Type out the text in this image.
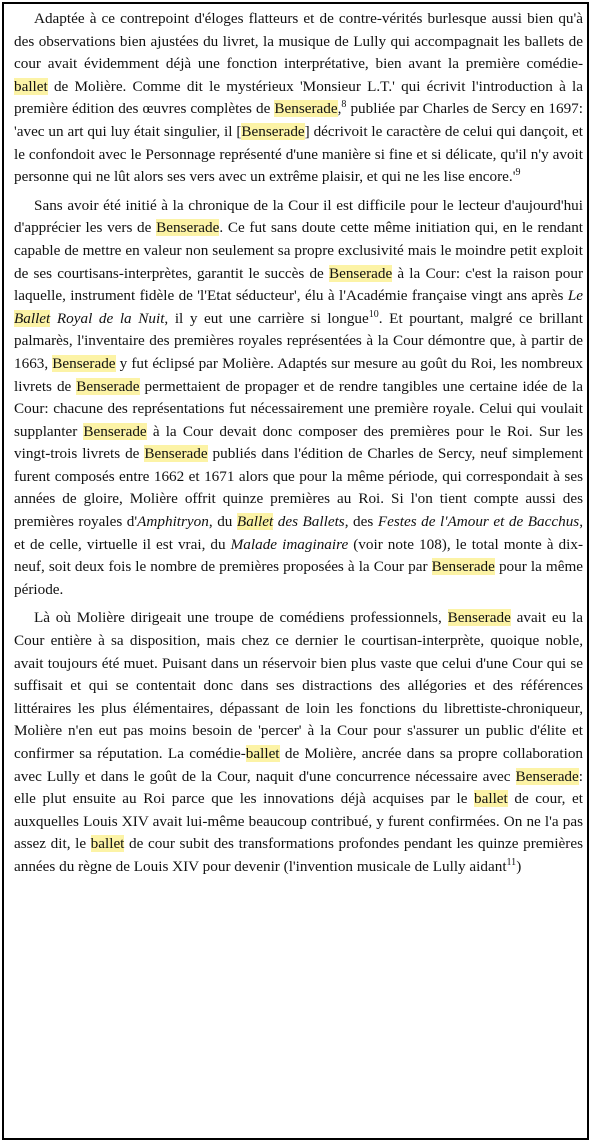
Adaptée à ce contrepoint d'éloges flatteurs et de contre-vérités burlesque aussi bien qu'à des observations bien ajustées du livret, la musique de Lully qui accompagnait les ballets de cour avait évidemment déjà une fonction interprétative, bien avant la première comédie-ballet de Molière. Comme dit le mystérieux 'Monsieur L.T.' qui écrivit l'introduction à la première édition des œuvres complètes de Benserade,$^8$ publiée par Charles de Sercy en 1697: 'avec un art qui luy était singulier, il [Benserade] décrivoit le caractère de celui qui dançoit, et le confondoit avec le Personnage représenté d'une manière si fine et si délicate, qu'il n'y avoit personne qui ne lût alors ses vers avec un extrême plaisir, et qui ne les lise $encore.'^9$

Sans avoir été initié à la chronique de la Cour il est difficile pour le lecteur d'aujourd'hui d'apprécier les vers de Benserade. Ce fut sans doute cette même initiation qui, en le rendant capable de mettre en valeur non seulement sa propre exclusivité mais le moindre petit exploit de ses courtisans-interprètes, garantit le succès de Benserade à la Cour: c'est la raison pour laquelle, instrument fidèle de 'l'Etat séducteur', élu à l'Académie française vingt ans après Le Ballet Royal de la Nuit, il y eut une carrière si longue$^{10}$. Et pourtant, malgré ce brillant palmarès, l'inventaire des premières royales représentées à la Cour démontre que, à partir de 1663, Benserade y fut éclipsé par Molière. Adaptés sur mesure au goût du Roi, les nombreux livrets de Benserade permettaient de propager et de rendre tangibles une certaine idée de la Cour: chacune des représentations fut nécessairement une première royale. Celui qui voulait supplanter Benserade à la Cour devait donc composer des premières pour le Roi. Sur les vingt-trois livrets de Benserade publiés dans l'édition de Charles de Sercy, neuf simplement furent composés entre 1662 et 1671 alors que pour la même période, qui correspondait à ses années de gloire, Molière offrit quinze premières au Roi. Si l'on tient compte aussi des premières royales d'Amphitryon, du Ballet des Ballets, des Festes de l'Amour et de Bacchus, et de celle, virtuelle il est vrai, du Malade imaginaire (voir note 108), le total monte à dix-neuf, soit deux fois le nombre de premières proposées à la Cour par Benserade pour la même période.

Là où Molière dirigeait une troupe de comédiens professionnels, Benserade avait eu la Cour entière à sa disposition, mais chez ce dernier le courtisan-interprète, quoique noble, avait toujours été muet. Puisant dans un réservoir bien plus vaste que celui d'une Cour qui se suffisait et qui se contentait donc dans ses distractions des allégories et des références littéraires les plus élémentaires, dépassant de loin les fonctions du librettiste-chroniqueur, Molière n'en eut pas moins besoin de 'percer' à la Cour pour s'assurer un public d'élite et confirmer sa réputation. La comédie-ballet de Molière, ancrée dans sa propre collaboration avec Lully et dans le goût de la Cour, naquit d'une concurrence nécessaire avec Benserade: elle plut ensuite au Roi parce que les innovations déjà acquises par le ballet de cour, et auxquelles Louis XIV avait lui-même beaucoup contribué, y furent confirmées. On ne l'a pas assez dit, le ballet de cour subit des transformations profondes pendant les quinze premières années du règne de Louis XIV pour devenir (l'invention musicale de Lully aidant$^{11}$)
